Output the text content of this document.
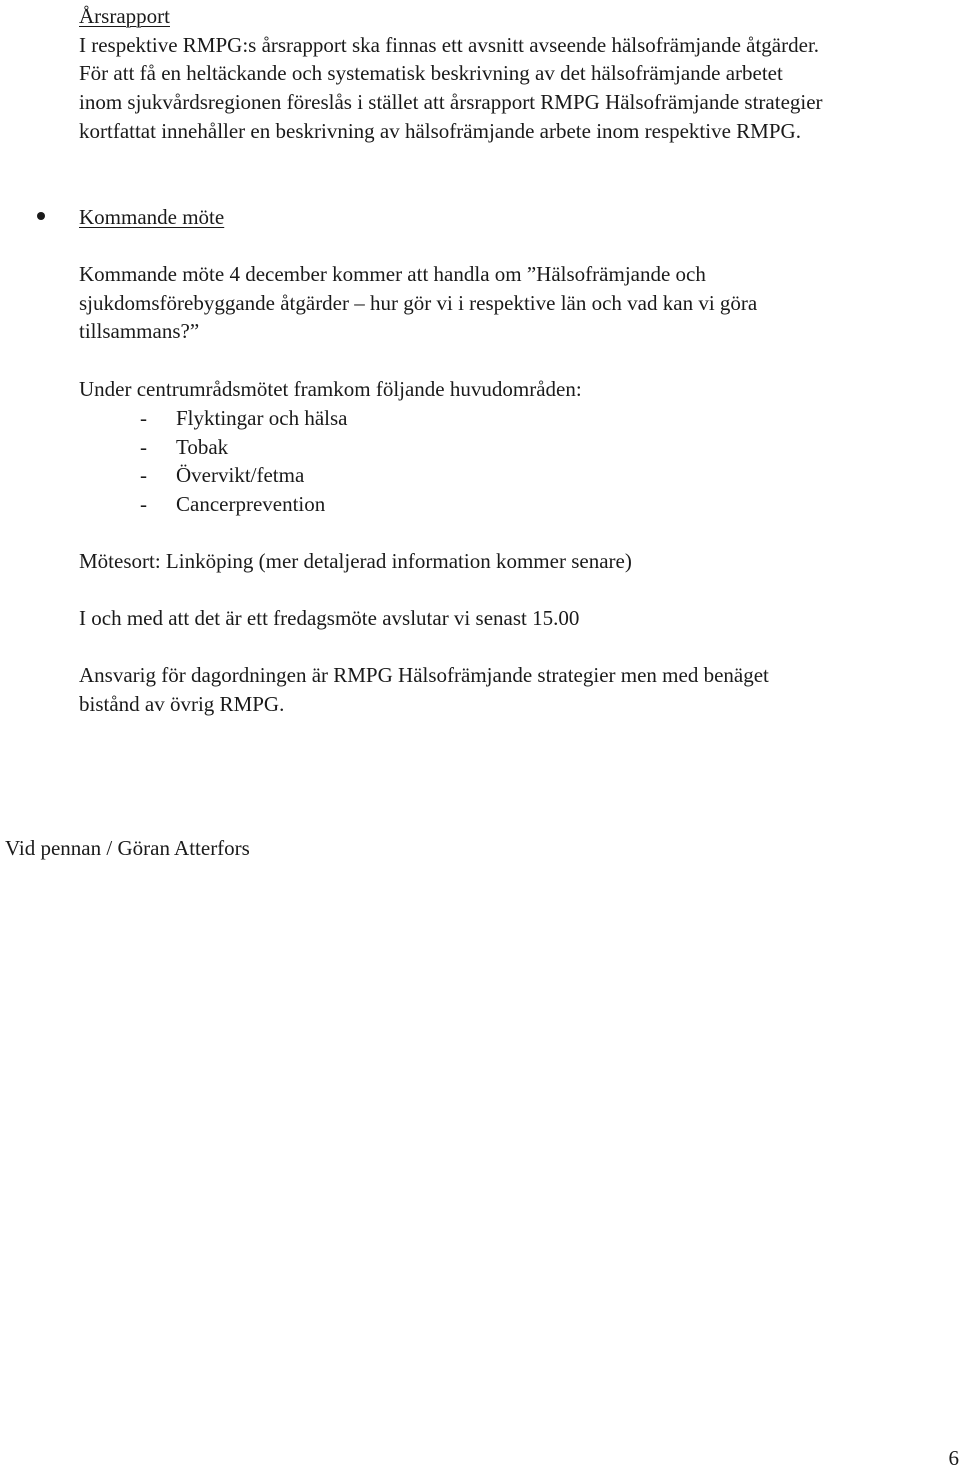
Årsrapport
I respektive RMPG:s årsrapport ska finnas ett avsnitt avseende hälsofrämjande åtgärder.
För att få en heltäckande och systematisk beskrivning av det hälsofrämjande arbetet
inom sjukvårdsregionen föreslås i stället att årsrapport RMPG Hälsofrämjande strategier
kortfattat innehåller en beskrivning av hälsofrämjande arbete inom respektive RMPG.
Kommande möte
Kommande möte 4 december kommer att handla om ”Hälsofrämjande och
sjukdomsförebyggande åtgärder – hur gör vi i respektive län och vad kan vi göra
tillsammans?”
Under centrumrådsmötet framkom följande huvudområden:
- Flyktingar och hälsa
- Tobak
- Övervikt/fetma
- Cancerprevention
Mötesort: Linköping (mer detaljerad information kommer senare)
I och med att det är ett fredagsmöte avslutar vi senast 15.00
Ansvarig för dagordningen är RMPG Hälsofrämjande strategier men med benäget
bistånd av övrig RMPG.
Vid pennan / Göran Atterfors
6
